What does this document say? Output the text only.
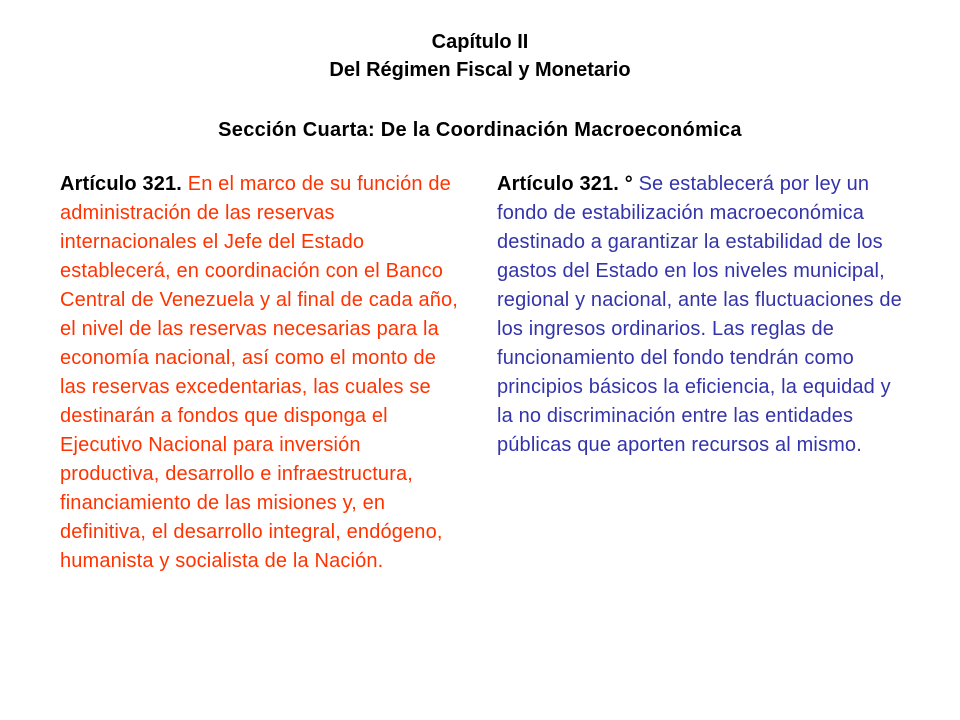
Capítulo II
Del Régimen Fiscal y Monetario
Sección Cuarta: De la Coordinación Macroeconómica
Artículo 321. En el marco de su función de administración de las reservas internacionales el Jefe del Estado establecerá, en coordinación con el Banco Central de Venezuela y al final de cada año, el nivel de las reservas necesarias para la economía nacional, así como el monto de las reservas excedentarias, las cuales se destinarán a fondos que disponga el Ejecutivo Nacional para inversión productiva, desarrollo e infraestructura, financiamiento de las misiones y, en definitiva, el desarrollo integral, endógeno, humanista y socialista de la Nación.
Artículo 321. ° Se establecerá por ley un fondo de estabilización macroeconómica destinado a garantizar la estabilidad de los gastos del Estado en los niveles municipal, regional y nacional, ante las fluctuaciones de los ingresos ordinarios. Las reglas de funcionamiento del fondo tendrán como principios básicos la eficiencia, la equidad y la no discriminación entre las entidades públicas que aporten recursos al mismo.
